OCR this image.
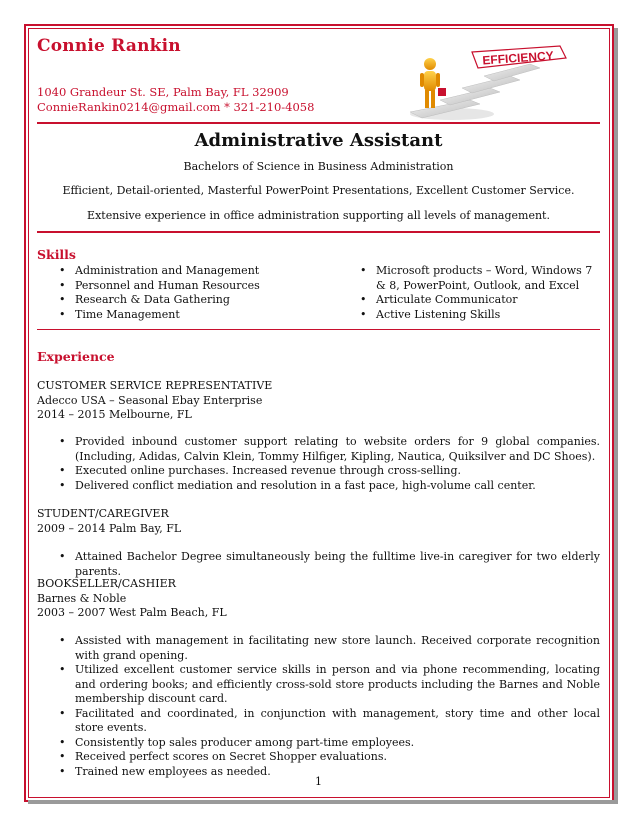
Connie Rankin
1040 Grandeur St. SE, Palm Bay, FL 32909
ConnieRankin0214@gmail.com * 321-210-4058
EFFICIENCY
Administrative Assistant
Bachelors of Science in Business Administration
Efficient, Detail-oriented, Masterful PowerPoint Presentations, Excellent Customer Service.
Extensive experience in office administration supporting all levels of management.
Skills
• Administration and Management
• Personnel and Human Resources
• Research & Data Gathering
• Time Management
• Microsoft products – Word, Windows 7 & 8, PowerPoint, Outlook, and Excel
• Articulate Communicator
• Active Listening Skills
Experience
CUSTOMER SERVICE REPRESENTATIVE
Adecco USA – Seasonal Ebay Enterprise
2014 – 2015 Melbourne, FL
• Provided inbound customer support relating to website orders for 9 global companies. (Including, Adidas, Calvin Klein, Tommy Hilfiger, Kipling, Nautica, Quiksilver and DC Shoes).
• Executed online purchases. Increased revenue through cross-selling.
• Delivered conflict mediation and resolution in a fast pace, high-volume call center.
STUDENT/CAREGIVER
2009 – 2014 Palm Bay, FL
• Attained Bachelor Degree simultaneously being the fulltime live-in caregiver for two elderly parents.
BOOKSELLER/CASHIER
Barnes & Noble
2003 – 2007 West Palm Beach, FL
• Assisted with management in facilitating new store launch. Received corporate recognition with grand opening.
• Utilized excellent customer service skills in person and via phone recommending, locating and ordering books; and efficiently cross-sold store products including the Barnes and Noble membership discount card.
• Facilitated and coordinated, in conjunction with management, story time and other local store events.
• Consistently top sales producer among part-time employees.
• Received perfect scores on Secret Shopper evaluations.
• Trained new employees as needed.
1
